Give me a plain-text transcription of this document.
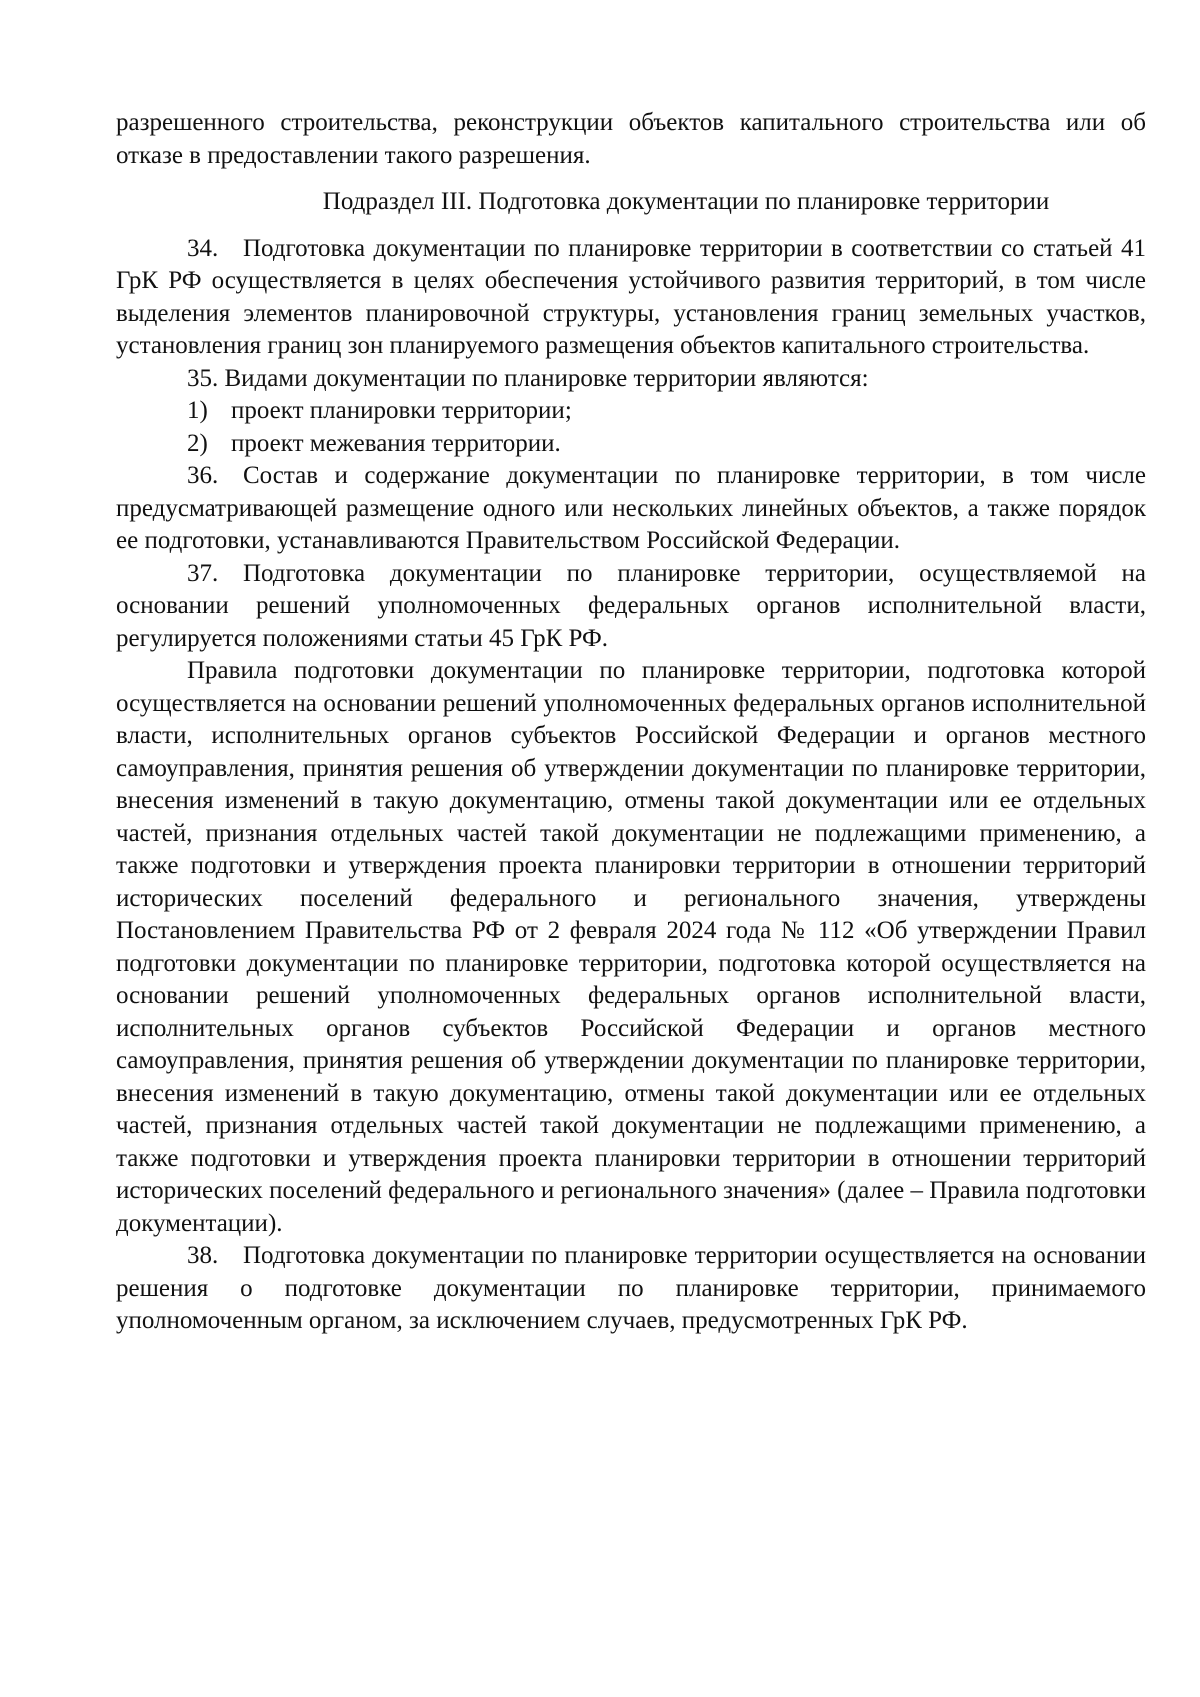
разрешенного строительства, реконструкции объектов капитального строительства или об отказе в предоставлении такого разрешения.

Подраздел III. Подготовка документации по планировке территории

34. Подготовка документации по планировке территории в соответствии со статьей 41 ГрК РФ осуществляется в целях обеспечения устойчивого развития территорий, в том числе выделения элементов планировочной структуры, установления границ земельных участков, установления границ зон планируемого размещения объектов капитального строительства.

35. Видами документации по планировке территории являются:

1) проект планировки территории;

2) проект межевания территории.

36. Состав и содержание документации по планировке территории, в том числе предусматривающей размещение одного или нескольких линейных объектов, а также порядок ее подготовки, устанавливаются Правительством Российской Федерации.

37. Подготовка документации по планировке территории, осуществляемой на основании решений уполномоченных федеральных органов исполнительной власти, регулируется положениями статьи 45 ГрК РФ.

Правила подготовки документации по планировке территории, подготовка которой осуществляется на основании решений уполномоченных федеральных органов исполнительной власти, исполнительных органов субъектов Российской Федерации и органов местного самоуправления, принятия решения об утверждении документации по планировке территории, внесения изменений в такую документацию, отмены такой документации или ее отдельных частей, признания отдельных частей такой документации не подлежащими применению, а также подготовки и утверждения проекта планировки территории в отношении территорий исторических поселений федерального и регионального значения, утверждены Постановлением Правительства РФ от 2 февраля 2024 года № 112 «Об утверждении Правил подготовки документации по планировке территории, подготовка которой осуществляется на основании решений уполномоченных федеральных органов исполнительной власти, исполнительных органов субъектов Российской Федерации и органов местного самоуправления, принятия решения об утверждении документации по планировке территории, внесения изменений в такую документацию, отмены такой документации или ее отдельных частей, признания отдельных частей такой документации не подлежащими применению, а также подготовки и утверждения проекта планировки территории в отношении территорий исторических поселений федерального и регионального значения» (далее – Правила подготовки документации).

38. Подготовка документации по планировке территории осуществляется на основании решения о подготовке документации по планировке территории, принимаемого уполномоченным органом, за исключением случаев, предусмотренных ГрК РФ.
